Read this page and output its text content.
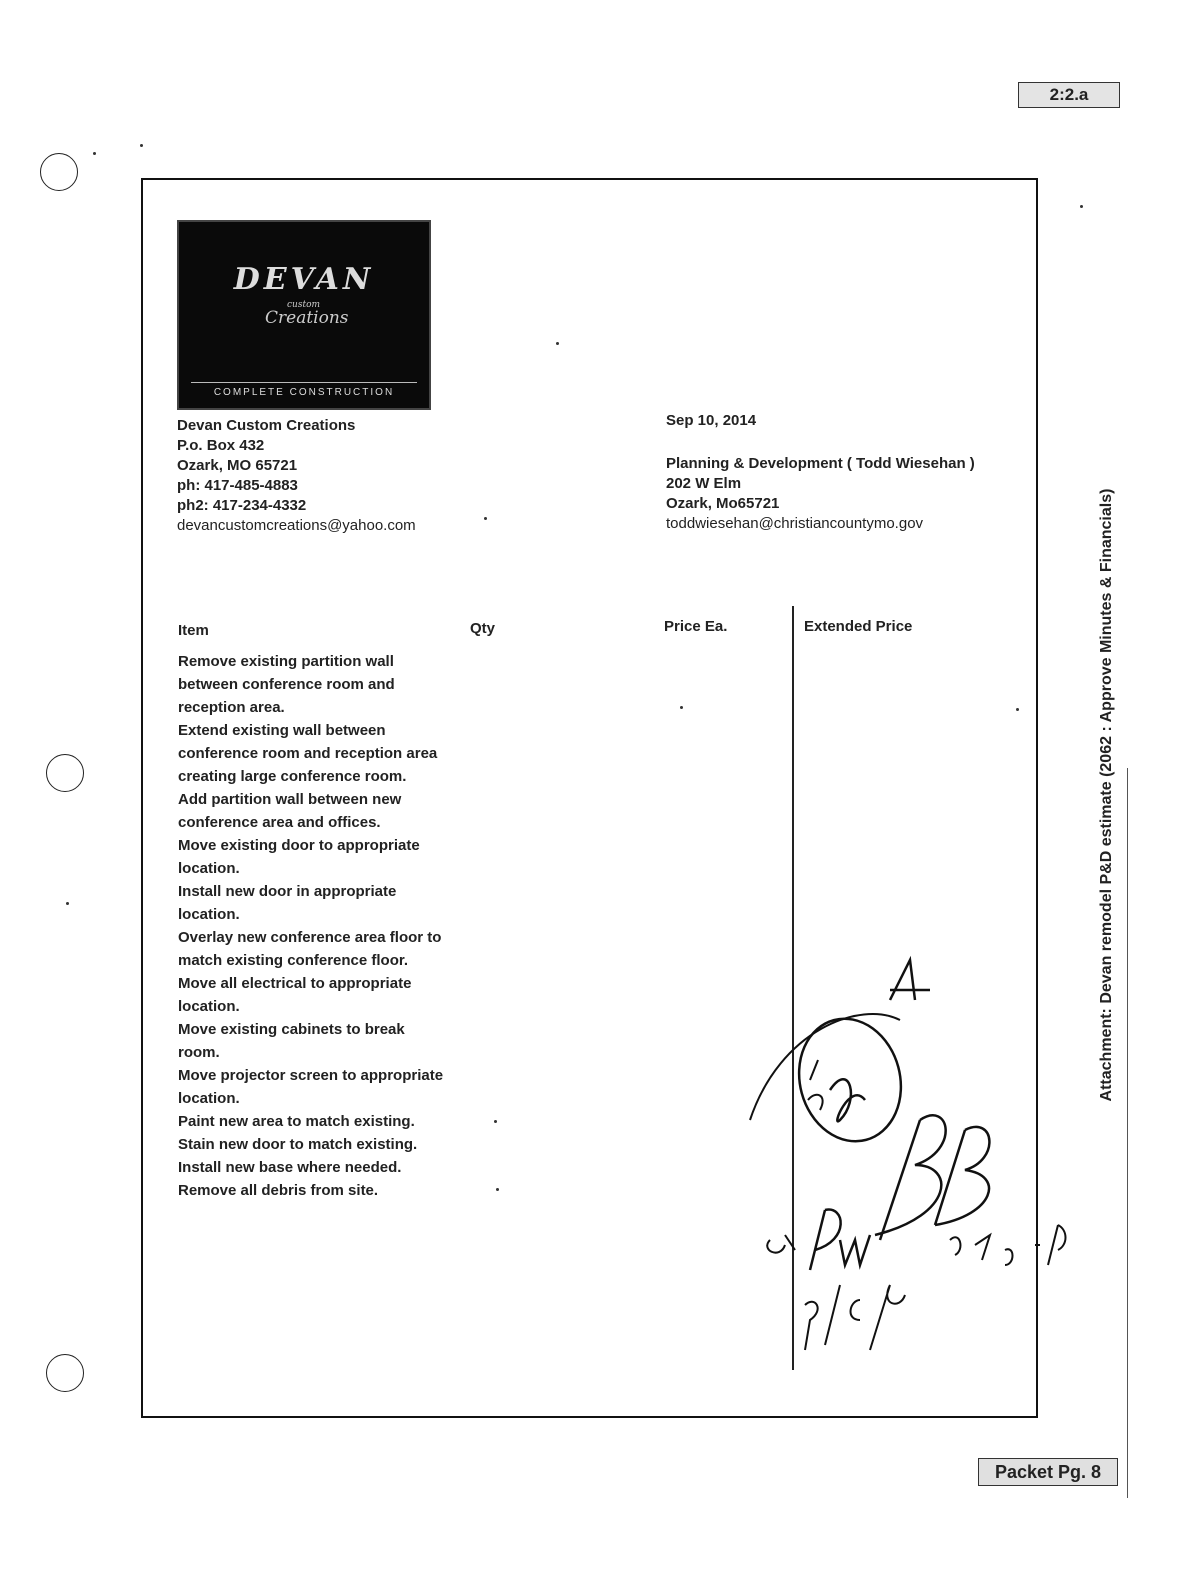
2:2.a
DEVAN
custom
Creations
COMPLETE CONSTRUCTION
Devan Custom Creations
P.o. Box 432
Ozark, MO 65721
ph: 417-485-4883
ph2: 417-234-4332
devancustomcreations@yahoo.com
Sep 10, 2014
Planning & Development ( Todd Wiesehan )
202 W Elm
Ozark, Mo65721
toddwiesehan@christiancountymo.gov
Item	Qty	Price Ea.	Extended Price
Remove existing partition wall between conference room and reception area.
Extend existing wall between conference room and reception area creating large conference room.
Add partition wall between new conference area and offices.
Move existing door to appropriate location.
Install new door in appropriate location.
Overlay new conference area floor to match existing conference floor.
Move all electrical to appropriate location.
Move existing cabinets to break room.
Move projector screen to appropriate location.
Paint new area to match existing.
Stain new door to match existing.
Install new base where needed.
Remove all debris from site.
Attachment: Devan remodel P&D estimate (2062 : Approve Minutes & Financials)
Packet Pg. 8
